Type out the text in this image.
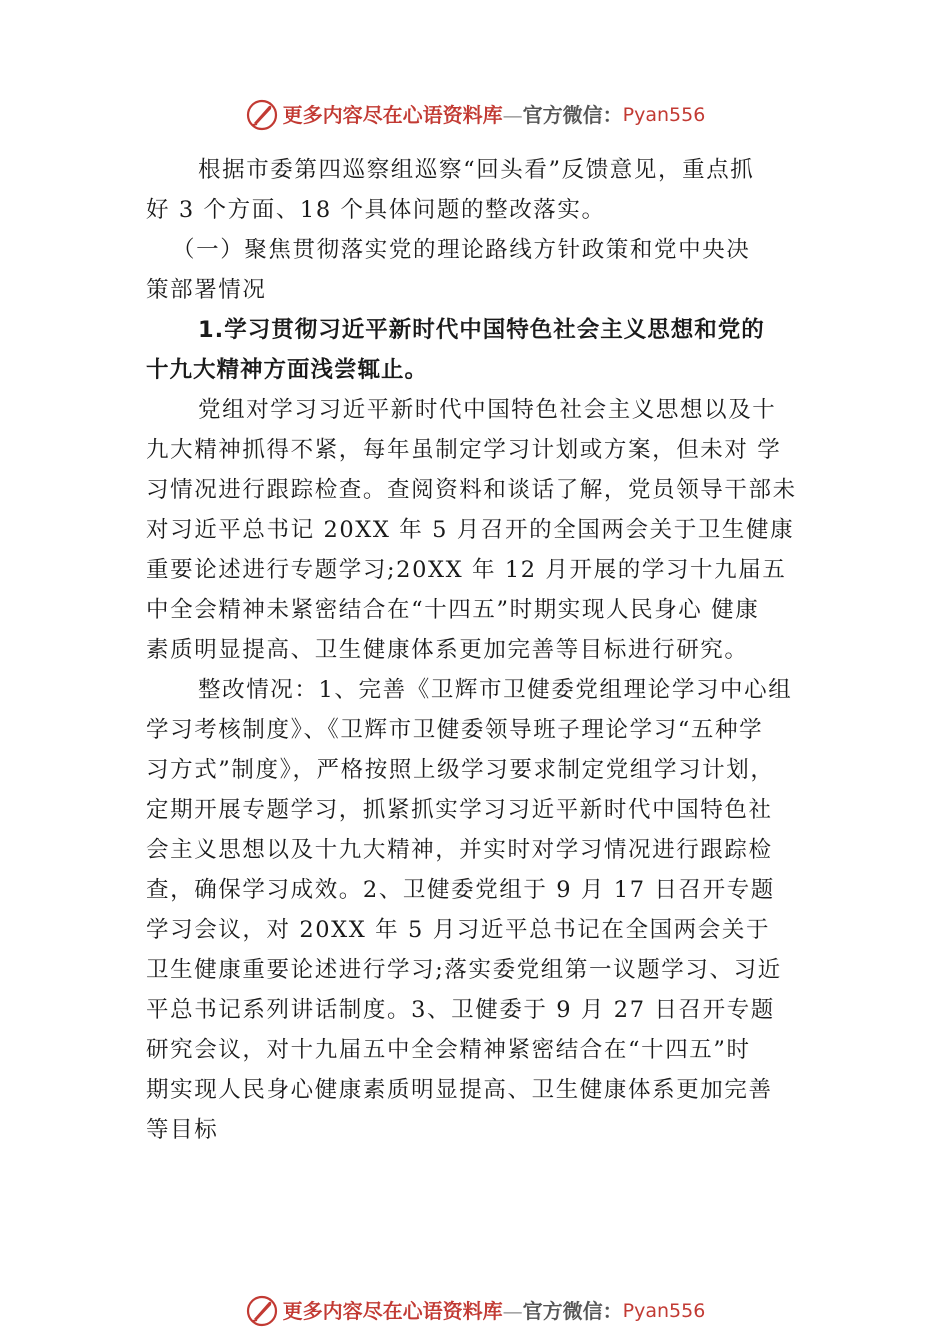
更多内容尽在心语资料库 — 官方微信： Pyan556
根据市委第四巡察组巡察“回头看”反馈意见，重点抓
好 3 个方面、18 个具体问题的整改落实。
（一）聚焦贯彻落实党的理论路线方针政策和党中央决
策部署情况
1.学习贯彻习近平新时代中国特色社会主义思想和党的
十九大精神方面浅尝辄止。
党组对学习习近平新时代中国特色社会主义思想以及十
九大精神抓得不紧，每年虽制定学习计划或方案，但未对 学
习情况进行跟踪检查。查阅资料和谈话了解，党员领导干部未
对习近平总书记 20XX 年 5 月召开的全国两会关于卫生健康
重要论述进行专题学习;20XX 年 12 月开展的学习十九届五
中全会精神未紧密结合在“十四五”时期实现人民身心 健康
素质明显提高、卫生健康体系更加完善等目标进行研究。
整改情况：1、完善《卫辉市卫健委党组理论学习中心组
学习考核制度》、《卫辉市卫健委领导班子理论学习“五种学
习方式”制度》，严格按照上级学习要求制定党组学习计划，
定期开展专题学习，抓紧抓实学习习近平新时代中国特色社
会主义思想以及十九大精神，并实时对学习情况进行跟踪检
查，确保学习成效。2、卫健委党组于 9 月 17 日召开专题
学习会议，对 20XX 年 5 月习近平总书记在全国两会关于
卫生健康重要论述进行学习;落实委党组第一议题学习、习近
平总书记系列讲话制度。3、卫健委于 9 月 27 日召开专题
研究会议，对十九届五中全会精神紧密结合在“十四五”时
期实现人民身心健康素质明显提高、卫生健康体系更加完善
等目标
更多内容尽在心语资料库 — 官方微信： Pyan556
